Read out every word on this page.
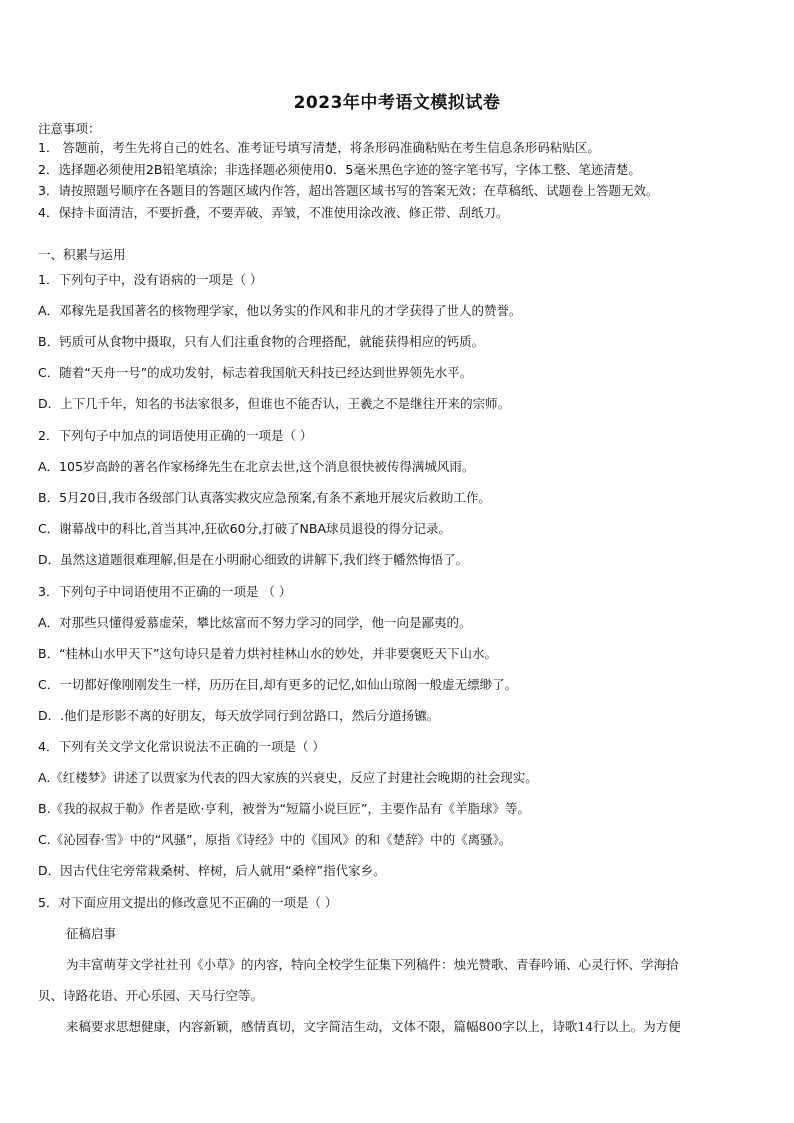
2023年中考语文模拟试卷
注意事项：
1． 答题前，考生先将自己的姓名、准考证号填写清楚，将条形码准确粘贴在考生信息条形码粘贴区。
2．选择题必须使用2B铅笔填涂；非选择题必须使用0．5毫米黑色字迹的签字笔书写，字体工整、笔迹清楚。
3．请按照题号顺序在各题目的答题区域内作答，超出答题区域书写的答案无效；在草稿纸、试题卷上答题无效。
4．保持卡面清洁，不要折叠，不要弄破、弄皱，不准使用涂改液、修正带、刮纸刀。
一、积累与运用
1．下列句子中，没有语病的一项是（ ）
A．邓稼先是我国著名的核物理学家，他以务实的作风和非凡的才学获得了世人的赞誉。
B．钙质可从食物中摄取，只有人们注重食物的合理搭配，就能获得相应的钙质。
C．随着“天舟一号”的成功发射，标志着我国航天科技已经达到世界领先水平。
D．上下几千年，知名的书法家很多，但谁也不能否认，王羲之不是继往开来的宗师。
2．下列句子中加点的词语使用正确的一项是（ ）
A．105岁高龄的著名作家杨绛先生在北京去世,这个消息很快被传得满城风雨。
B．5月20日,我市各级部门认真落实救灾应急预案,有条不紊地开展灾后救助工作。
C．谢幕战中的科比,首当其冲,狂砍60分,打破了NBA球员退役的得分记录。
D．虽然这道题很难理解,但是在小明耐心细致的讲解下,我们终于幡然悔悟了。
3．下列句子中词语使用不正确的一项是 （ ）
A．对那些只懂得爱慕虚荣，攀比炫富而不努力学习的同学，他一向是鄙夷的。
B．“桂林山水甲天下”这句诗只是着力烘衬桂林山水的妙处，并非要褒贬天下山水。
C．一切都好像刚刚发生一样，历历在目,却有更多的记忆,如仙山琼阁一般虚无缥缈了。
D．.他们是形影不离的好朋友，每天放学同行到岔路口，然后分道扬镳。
4．下列有关文学文化常识说法不正确的一项是（ ）
A.《红楼梦》讲述了以贾家为代表的四大家族的兴衰史，反应了封建社会晚期的社会现实。
B.《我的叔叔于勒》作者是欧·亨利，被誉为“短篇小说巨匠”，主要作品有《羊脂球》等。
C.《沁园春·雪》中的“风骚”，原指《诗经》中的《国风》的和《楚辞》中的《离骚》。
D．因古代住宅旁常栽桑树、梓树，后人就用“桑梓”指代家乡。
5．对下面应用文提出的修改意见不正确的一项是（ ）
征稿启事
为丰富萌芽文学社社刊《小草》的内容，特向全校学生征集下列稿件：烛光赞歌、青春吟诵、心灵行怀、学海拾
贝、诗路花语、开心乐园、天马行空等。
来稿要求思想健康，内容新颖，感情真切，文字简洁生动，文体不限，篇幅800字以上，诗歌14行以上。为方便
